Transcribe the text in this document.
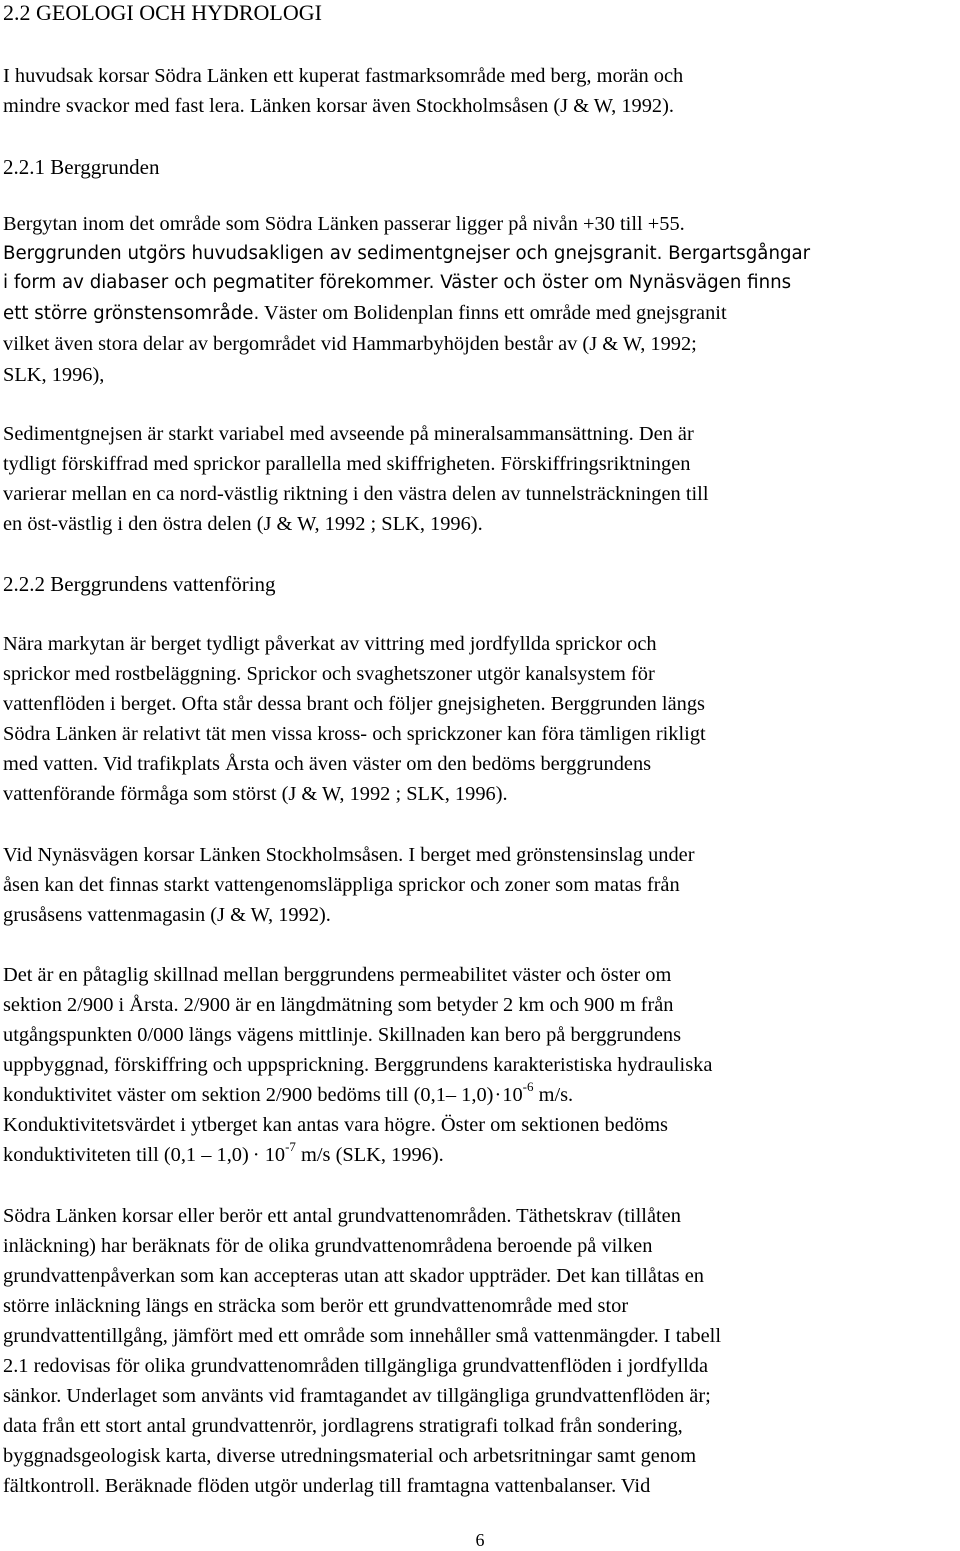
2.2 GEOLOGI OCH HYDROLOGI
I huvudsak korsar Södra Länken ett kuperat fastmarksområde med berg, morän och
mindre svackor med fast lera. Länken korsar även Stockholmsåsen (J & W, 1992).
2.2.1 Berggrunden
Bergytan inom det område som Södra Länken passerar ligger på nivån +30 till +55.
Berggrunden utgörs huvudsakligen av sedimentgnejser och gnejsgranit. Bergartsgångar
i form av diabaser och pegmatiter förekommer. Väster och öster om Nynäsvägen finns
ett större grönstensområde. Väster om Bolidenplan finns ett område med gnejsgranit
vilket även stora delar av bergområdet vid Hammarbyhöjden består av (J & W, 1992;
SLK, 1996),
Sedimentgnejsen är starkt variabel med avseende på mineralsammansättning. Den är
tydligt förskiffrad med sprickor parallella med skiffrigheten. Förskiffringsriktningen
varierar mellan en ca nord-västlig riktning i den västra delen av tunnelsträckningen till
en öst-västlig i den östra delen (J & W, 1992 ; SLK, 1996).
2.2.2 Berggrundens vattenföring
Nära markytan är berget tydligt påverkat av vittring med jordfyllda sprickor och
sprickor med rostbeläggning. Sprickor och svaghetszoner utgör kanalsystem för
vattenflöden i berget. Ofta står dessa brant och följer gnejsigheten. Berggrunden längs
Södra Länken är relativt tät men vissa kross- och sprickzoner kan föra tämligen rikligt
med vatten. Vid trafikplats Årsta och även väster om den bedöms berggrundens
vattenförande förmåga som störst (J & W, 1992 ; SLK, 1996).
Vid Nynäsvägen korsar Länken Stockholmsåsen. I berget med grönstensinslag under
åsen kan det finnas starkt vattengenomsläppliga sprickor och zoner som matas från
grusåsens vattenmagasin (J & W, 1992).
Det är en påtaglig skillnad mellan berggrundens permeabilitet väster och öster om
sektion 2/900 i Årsta. 2/900 är en längdmätning som betyder 2 km och 900 m från
utgångspunkten 0/000 längs vägens mittlinje. Skillnaden kan bero på berggrundens
uppbyggnad, förskiffring och uppsprickning. Berggrundens karakteristiska hydrauliska
konduktivitet väster om sektion 2/900 bedöms till (0,1– $1,0)\cdot 10^{-6}$ m/s.
Konduktivitetsvärdet i ytberget kan antas vara högre. Öster om sektionen bedöms
konduktiviteten till $(0,1 - 1,0) \cdot 10^{-7}$ m/s (SLK, 1996).
Södra Länken korsar eller berör ett antal grundvattenområden. Täthetskrav (tillåten
inläckning) har beräknats för de olika grundvattenområdena beroende på vilken
grundvattenpåverkan som kan accepteras utan att skador uppträder. Det kan tillåtas en
större inläckning längs en sträcka som berör ett grundvattenområde med stor
grundvattentillgång, jämfört med ett område som innehåller små vattenmängder. I tabell
2.1 redovisas för olika grundvattenområden tillgängliga grundvattenflöden i jordfyllda
sänkor. Underlaget som använts vid framtagandet av tillgängliga grundvattenflöden är;
data från ett stort antal grundvattenrör, jordlagrens stratigrafi tolkad från sondering,
byggnadsgeologisk karta, diverse utredningsmaterial och arbetsritningar samt genom
fältkontroll. Beräknade flöden utgör underlag till framtagna vattenbalanser. Vid
6
